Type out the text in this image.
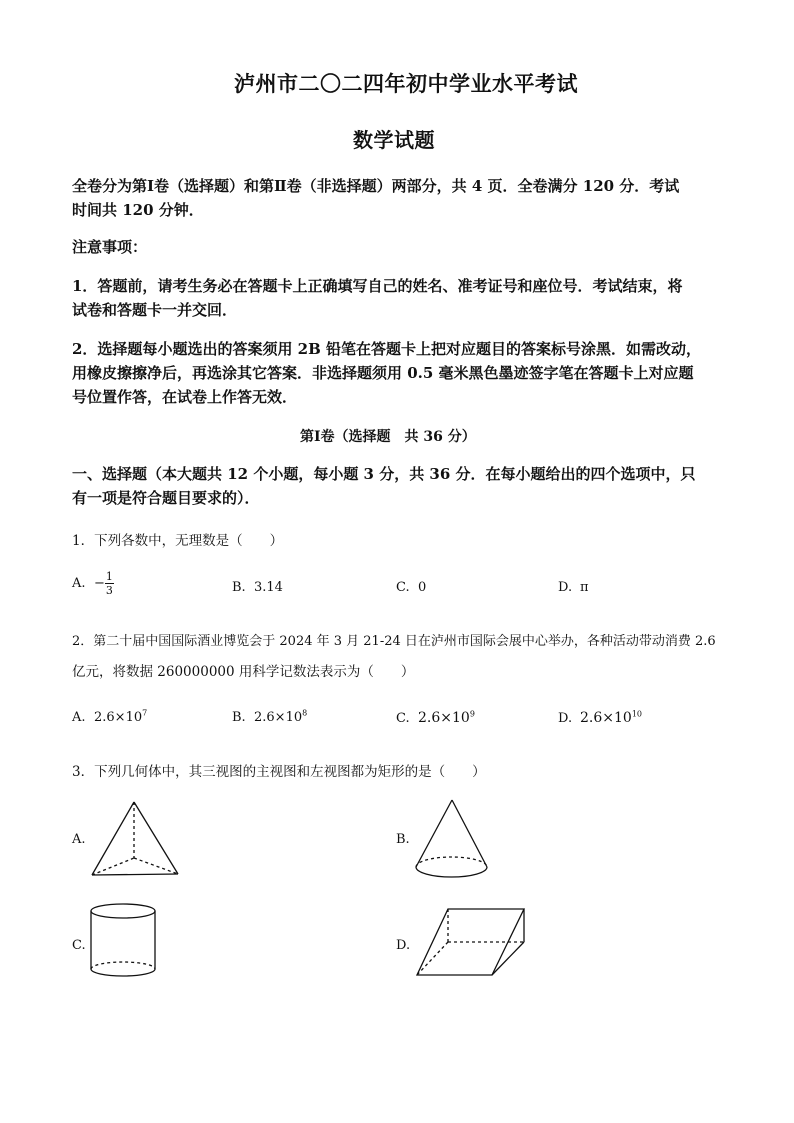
泸州市二〇二四年初中学业水平考试
数学试题
全卷分为第Ⅰ卷（选择题）和第Ⅱ卷（非选择题）两部分，共 4 页．全卷满分 120 分．考试
时间共 120 分钟．
注意事项：
1．答题前，请考生务必在答题卡上正确填写自己的姓名、准考证号和座位号．考试结束，将
试卷和答题卡一并交回．
2．选择题每小题选出的答案须用 2B 铅笔在答题卡上把对应题目的答案标号涂黑．如需改动，
用橡皮擦擦净后，再选涂其它答案．非选择题须用 0.5 毫米黑色墨迹签字笔在答题卡上对应题
号位置作答，在试卷上作答无效．
第Ⅰ卷（选择题　共 36 分）
一、选择题（本大题共 12 个小题，每小题 3 分，共 36 分．在每小题给出的四个选项中，只
有一项是符合题目要求的）．
1．下列各数中，无理数是（　　）
A. − $\frac{1}{3}$	B. 3.14	C. 0	D. π
2．第二十届中国国际酒业博览会于 2024 年 3 月 21-24 日在泸州市国际会展中心举办，各种活动带动消费 2.6
亿元，将数据 260000000 用科学记数法表示为（　　）
A. $2.6\times 10^7$	B. $2.6\times 10^8$	C. $2.6\times 10^9$	D. $2.6\times 10^{10}$
3．下列几何体中，其三视图的主视图和左视图都为矩形的是（　　）
A.	B.
C.	D.
